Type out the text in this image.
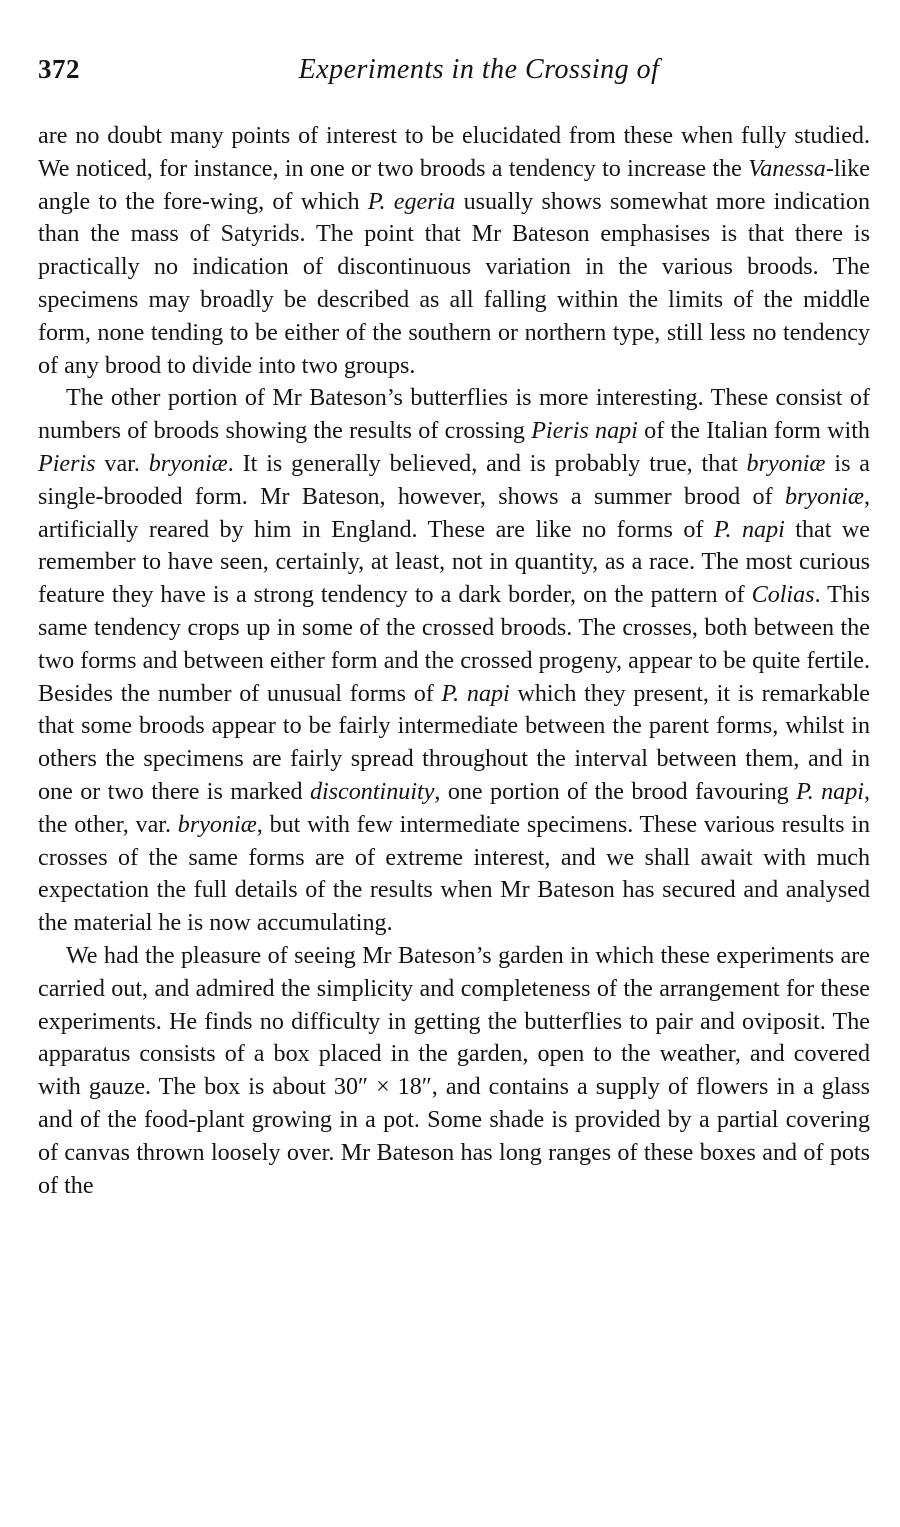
372	Experiments in the Crossing of

are no doubt many points of interest to be elucidated from these when fully studied. We noticed, for instance, in one or two broods a tendency to increase the Vanessa-like angle to the fore-wing, of which P. egeria usually shows somewhat more indication than the mass of Satyrids. The point that Mr Bateson emphasises is that there is practically no indication of discontinuous variation in the various broods. The specimens may broadly be described as all falling within the limits of the middle form, none tending to be either of the southern or northern type, still less no tendency of any brood to divide into two groups.

The other portion of Mr Bateson’s butterflies is more interesting. These consist of numbers of broods showing the results of crossing Pieris napi of the Italian form with Pieris var. bryoniæ. It is generally believed, and is probably true, that bryoniæ is a single-brooded form. Mr Bateson, however, shows a summer brood of bryoniæ, artificially reared by him in England. These are like no forms of P. napi that we remember to have seen, certainly, at least, not in quantity, as a race. The most curious feature they have is a strong tendency to a dark border, on the pattern of Colias. This same tendency crops up in some of the crossed broods. The crosses, both between the two forms and between either form and the crossed progeny, appear to be quite fertile. Besides the number of unusual forms of P. napi which they present, it is remarkable that some broods appear to be fairly intermediate between the parent forms, whilst in others the specimens are fairly spread throughout the interval between them, and in one or two there is marked discontinuity, one portion of the brood favouring P. napi, the other, var. bryoniæ, but with few intermediate specimens. These various results in crosses of the same forms are of extreme interest, and we shall await with much expectation the full details of the results when Mr Bateson has secured and analysed the material he is now accumulating.

We had the pleasure of seeing Mr Bateson’s garden in which these experiments are carried out, and admired the simplicity and completeness of the arrangement for these experiments. He finds no difficulty in getting the butterflies to pair and oviposit. The apparatus consists of a box placed in the garden, open to the weather, and covered with gauze. The box is about 30″ × 18″, and contains a supply of flowers in a glass and of the food-plant growing in a pot. Some shade is provided by a partial covering of canvas thrown loosely over. Mr Bateson has long ranges of these boxes and of pots of the
